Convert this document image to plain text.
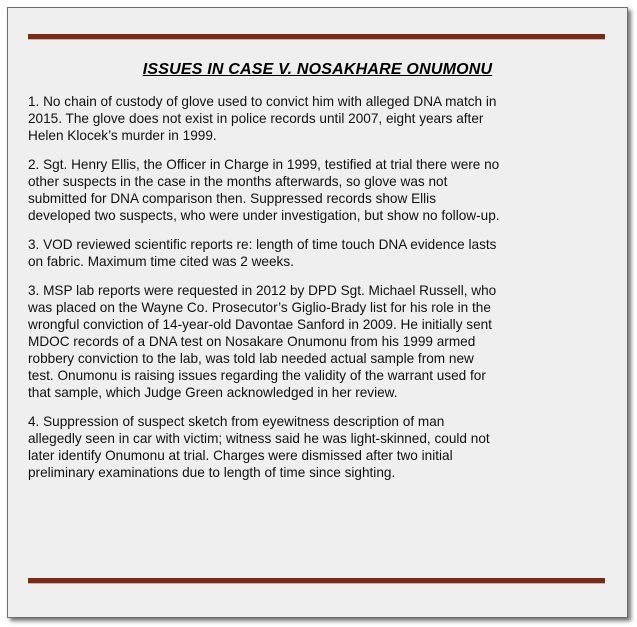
ISSUES IN CASE V. NOSAKHARE ONUMONU

1. No chain of custody of glove used to convict him with alleged DNA match in
2015. The glove does not exist in police records until 2007, eight years after
Helen Klocek’s murder in 1999.

2. Sgt. Henry Ellis, the Officer in Charge in 1999, testified at trial there were no
other suspects in the case in the months afterwards, so glove was not
submitted for DNA comparison then. Suppressed records show Ellis
developed two suspects, who were under investigation, but show no follow-up.

3. VOD reviewed scientific reports re: length of time touch DNA evidence lasts
on fabric. Maximum time cited was 2 weeks.

3. MSP lab reports were requested in 2012 by DPD Sgt. Michael Russell, who
was placed on the Wayne Co. Prosecutor’s Giglio-Brady list for his role in the
wrongful conviction of 14-year-old Davontae Sanford in 2009. He initially sent
MDOC records of a DNA test on Nosakare Onumonu from his 1999 armed
robbery conviction to the lab, was told lab needed actual sample from new
test. Onumonu is raising issues regarding the validity of the warrant used for
that sample, which Judge Green acknowledged in her review.

4. Suppression of suspect sketch from eyewitness description of man
allegedly seen in car with victim; witness said he was light-skinned, could not
later identify Onumonu at trial. Charges were dismissed after two initial
preliminary examinations due to length of time since sighting.
